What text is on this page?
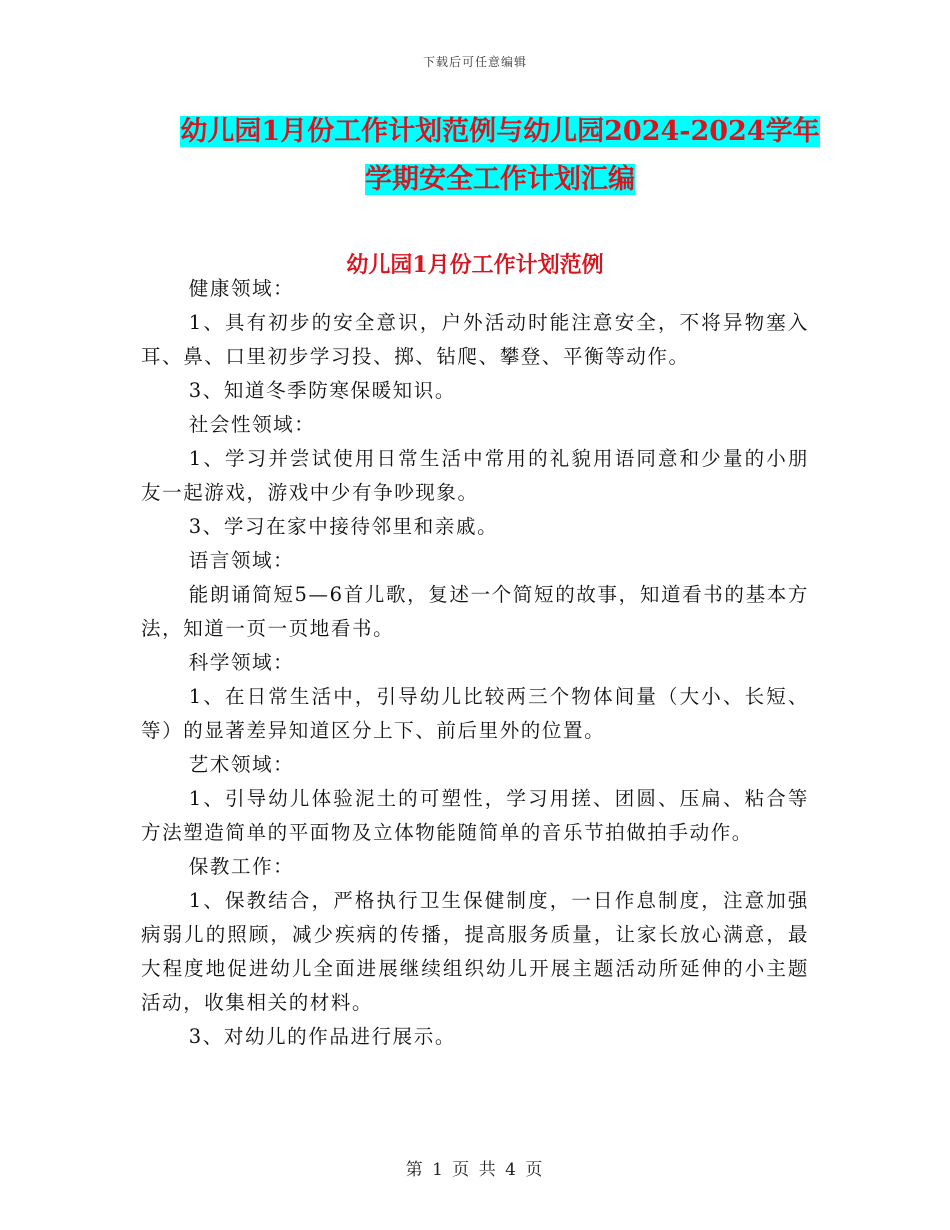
下载后可任意编辑
幼儿园1月份工作计划范例与幼儿园2024-2024学年
学期安全工作计划汇编
幼儿园1月份工作计划范例

健康领域：

1、具有初步的安全意识，户外活动时能注意安全，不将异物塞入耳、鼻、口里初步学习投、掷、钻爬、攀登、平衡等动作。

3、知道冬季防寒保暖知识。

社会性领域：

1、学习并尝试使用日常生活中常用的礼貌用语同意和少量的小朋友一起游戏，游戏中少有争吵现象。

3、学习在家中接待邻里和亲戚。

语言领域：

能朗诵简短5—6首儿歌，复述一个简短的故事，知道看书的基本方法，知道一页一页地看书。

科学领域：

1、在日常生活中，引导幼儿比较两三个物体间量（大小、长短、等）的显著差异知道区分上下、前后里外的位置。

艺术领域：

1、引导幼儿体验泥土的可塑性，学习用搓、团圆、压扁、粘合等方法塑造简单的平面物及立体物能随简单的音乐节拍做拍手动作。

保教工作：

1、保教结合，严格执行卫生保健制度，一日作息制度，注意加强病弱儿的照顾，减少疾病的传播，提高服务质量，让家长放心满意，最大程度地促进幼儿全面进展继续组织幼儿开展主题活动所延伸的小主题活动，收集相关的材料。

3、对幼儿的作品进行展示。

第 1 页 共 4 页
